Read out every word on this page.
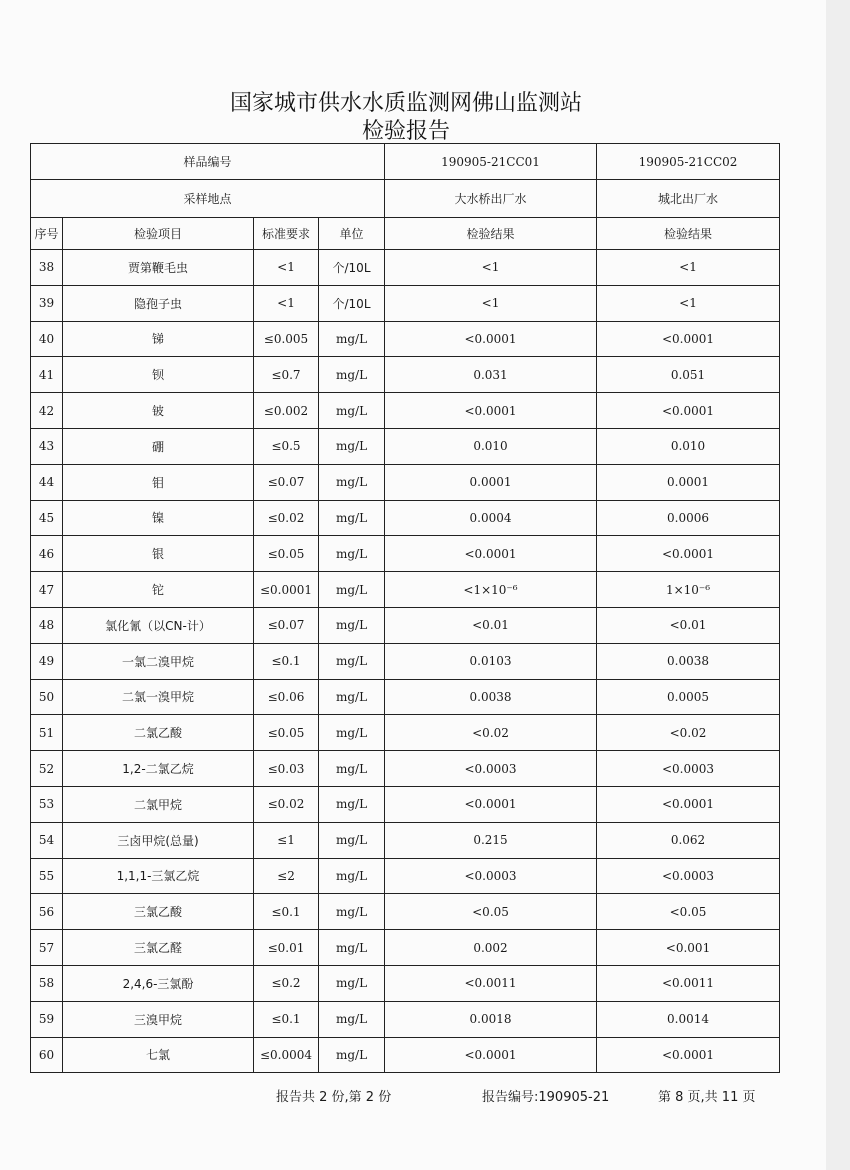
国家城市供水水质监测网佛山监测站
检验报告
样品编号				190905-21CC01	190905-21CC02
采样地点				大水桥出厂水	城北出厂水
序号	检验项目	标准要求	单位	检验结果	检验结果
38	贾第鞭毛虫	<1	个/10L	<1	<1
39	隐孢子虫	<1	个/10L	<1	<1
40	锑	≤0.005	mg/L	<0.0001	<0.0001
41	钡	≤0.7	mg/L	0.031	0.051
42	铍	≤0.002	mg/L	<0.0001	<0.0001
43	硼	≤0.5	mg/L	0.010	0.010
44	钼	≤0.07	mg/L	0.0001	0.0001
45	镍	≤0.02	mg/L	0.0004	0.0006
46	银	≤0.05	mg/L	<0.0001	<0.0001
47	铊	≤0.0001	mg/L	<1×10⁻⁶	1×10⁻⁶
48	氯化氰（以CN-计）	≤0.07	mg/L	<0.01	<0.01
49	一氯二溴甲烷	≤0.1	mg/L	0.0103	0.0038
50	二氯一溴甲烷	≤0.06	mg/L	0.0038	0.0005
51	二氯乙酸	≤0.05	mg/L	<0.02	<0.02
52	1,2-二氯乙烷	≤0.03	mg/L	<0.0003	<0.0003
53	二氯甲烷	≤0.02	mg/L	<0.0001	<0.0001
54	三卤甲烷(总量)	≤1	mg/L	0.215	0.062
55	1,1,1-三氯乙烷	≤2	mg/L	<0.0003	<0.0003
56	三氯乙酸	≤0.1	mg/L	<0.05	<0.05
57	三氯乙醛	≤0.01	mg/L	0.002	<0.001
58	2,4,6-三氯酚	≤0.2	mg/L	<0.0011	<0.0011
59	三溴甲烷	≤0.1	mg/L	0.0018	0.0014
60	七氯	≤0.0004	mg/L	<0.0001	<0.0001
报告共 2 份,第 2 份	报告编号:190905-21	第 8 页,共 11 页
